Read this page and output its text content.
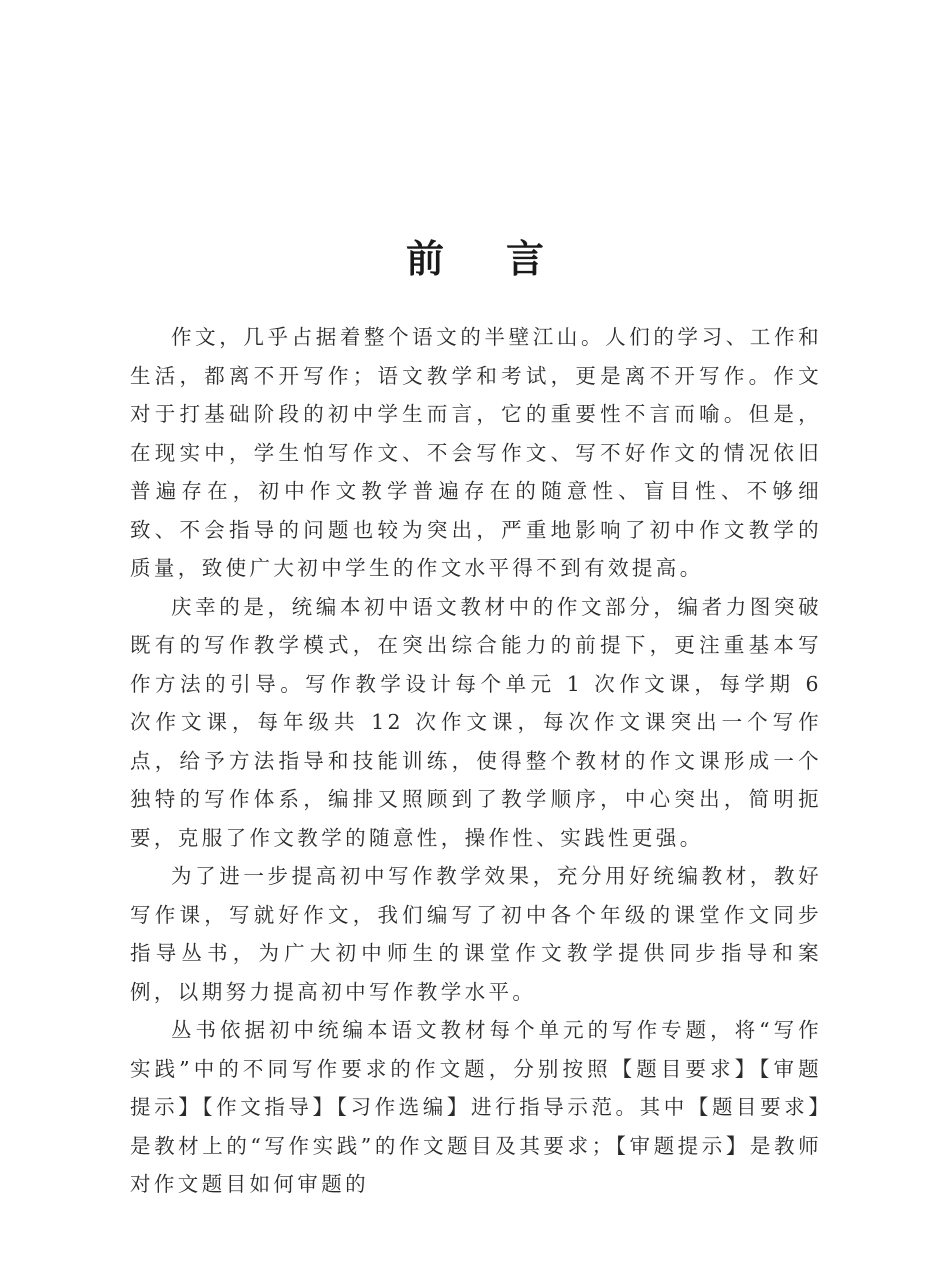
前言

作文，几乎占据着整个语文的半壁江山。人们的学习、工作和生活，都离不开写作；语文教学和考试，更是离不开写作。作文对于打基础阶段的初中学生而言，它的重要性不言而喻。但是，在现实中，学生怕写作文、不会写作文、写不好作文的情况依旧普遍存在，初中作文教学普遍存在的随意性、盲目性、不够细致、不会指导的问题也较为突出，严重地影响了初中作文教学的质量，致使广大初中学生的作文水平得不到有效提高。

庆幸的是，统编本初中语文教材中的作文部分，编者力图突破既有的写作教学模式，在突出综合能力的前提下，更注重基本写作方法的引导。写作教学设计每个单元 1 次作文课，每学期 6 次作文课，每年级共 12 次作文课，每次作文课突出一个写作点，给予方法指导和技能训练，使得整个教材的作文课形成一个独特的写作体系，编排又照顾到了教学顺序，中心突出，简明扼要，克服了作文教学的随意性，操作性、实践性更强。

为了进一步提高初中写作教学效果，充分用好统编教材，教好写作课，写就好作文，我们编写了初中各个年级的课堂作文同步指导丛书，为广大初中师生的课堂作文教学提供同步指导和案例，以期努力提高初中写作教学水平。

丛书依据初中统编本语文教材每个单元的写作专题，将“写作实践”中的不同写作要求的作文题，分别按照【题目要求】【审题提示】【作文指导】【习作选编】进行指导示范。其中【题目要求】是教材上的“写作实践”的作文题目及其要求；【审题提示】是教师对作文题目如何审题的
